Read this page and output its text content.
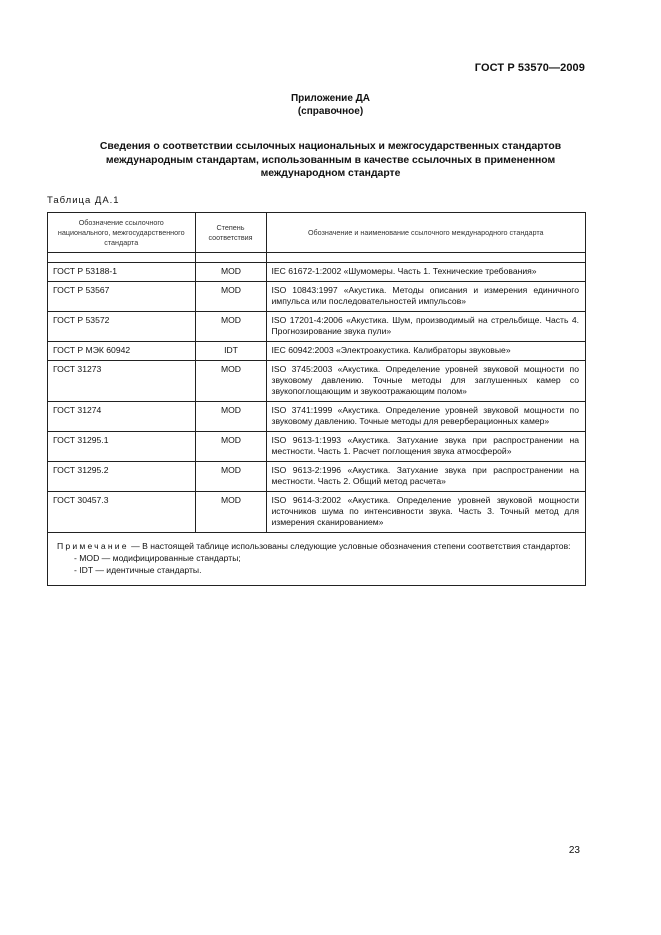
ГОСТ Р 53570—2009
Приложение ДА
(справочное)
Сведения о соответствии ссылочных национальных и межгосударственных стандартов
международным стандартам, использованным в качестве ссылочных в примененном
международном стандарте
Таблица ДА.1
Обозначение ссылочного национального, межгосударственного стандарта	Степень соответствия	Обозначение и наименование ссылочного международного стандарта

ГОСТ Р 53188-1	MOD	IEC 61672-1:2002 «Шумомеры. Часть 1. Технические требования»
ГОСТ Р 53567	MOD	ISO 10843:1997 «Акустика. Методы описания и измерения единичного импульса или последовательностей импульсов»
ГОСТ Р 53572	MOD	ISO 17201-4:2006 «Акустика. Шум, производимый на стрельбище. Часть 4. Прогнозирование звука пули»
ГОСТ Р МЭК 60942	IDT	IEC 60942:2003 «Электроакустика. Калибраторы звуковые»
ГОСТ 31273	MOD	ISO 3745:2003 «Акустика. Определение уровней звуковой мощности по звуковому давлению. Точные методы для заглушенных камер со звукопоглощающим и звукоотражающим полом»
ГОСТ 31274	MOD	ISO 3741:1999 «Акустика. Определение уровней звуковой мощности по звуковому давлению. Точные методы для реверберационных камер»
ГОСТ 31295.1	MOD	ISO 9613-1:1993 «Акустика. Затухание звука при распространении на местности. Часть 1. Расчет поглощения звука атмосферой»
ГОСТ 31295.2	MOD	ISO 9613-2:1996 «Акустика. Затухание звука при распространении на местности. Часть 2. Общий метод расчета»
ГОСТ 30457.3	MOD	ISO 9614-3:2002 «Акустика. Определение уровней звуковой мощности источников шума по интенсивности звука. Часть 3. Точный метод для измерения сканированием»
Примечание — В настоящей таблице использованы следующие условные обозначения степени соответствия стандартов:
- MOD — модифицированные стандарты;
- IDT — идентичные стандарты.
23
